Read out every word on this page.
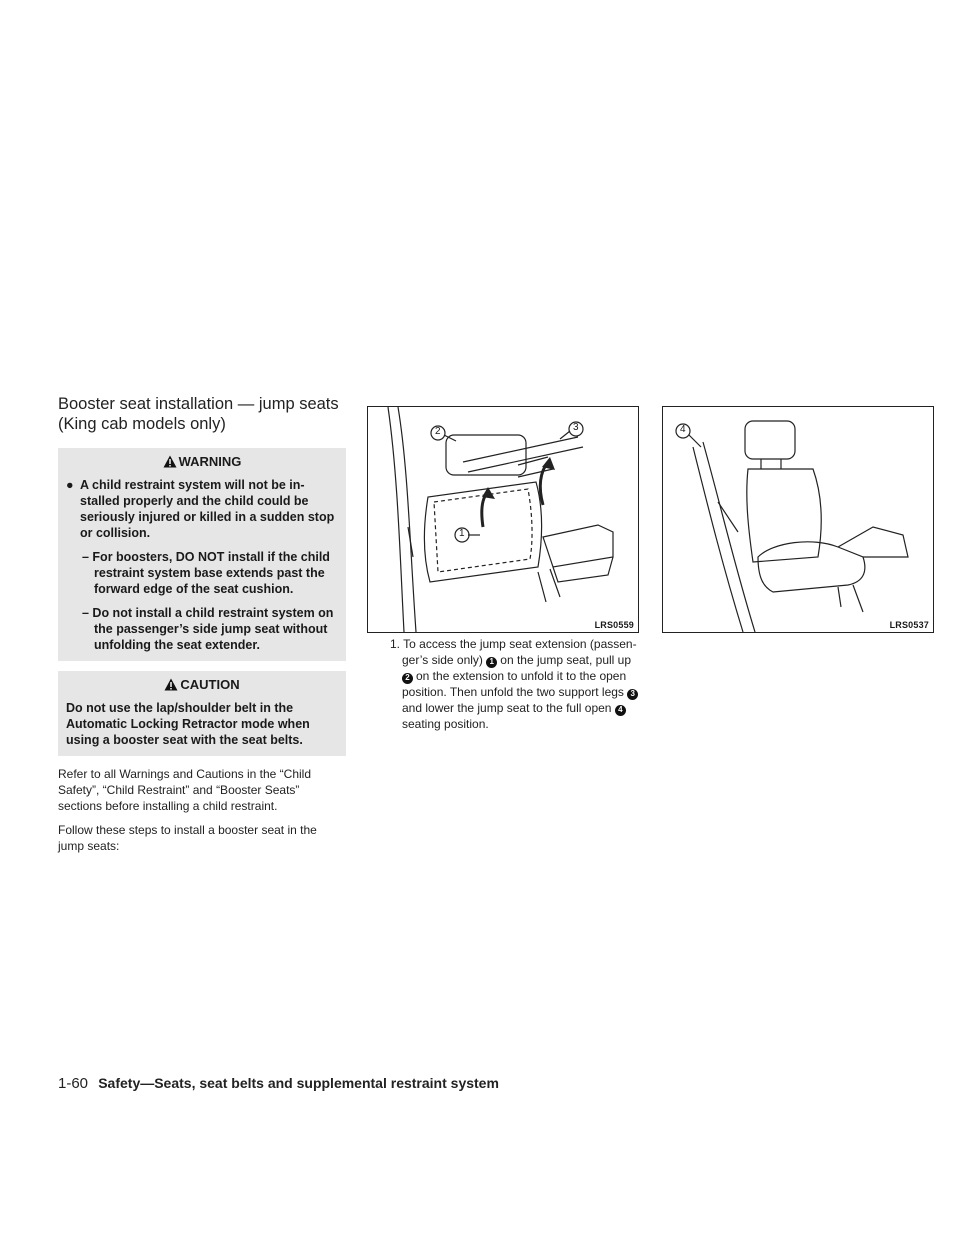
Booster seat installation — jump seats (King cab models only)
WARNING
● A child restraint system will not be in-stalled properly and the child could be seriously injured or killed in a sudden stop or collision.
– For boosters, DO NOT install if the child restraint system base extends past the forward edge of the seat cushion.
– Do not install a child restraint system on the passenger’s side jump seat without unfolding the seat extender.
CAUTION
Do not use the lap/shoulder belt in the Automatic Locking Retractor mode when using a booster seat with the seat belts.

Refer to all Warnings and Cautions in the “Child Safety”, “Child Restraint” and “Booster Seats” sections before installing a child restraint.

Follow these steps to install a booster seat in the jump seats:

1
2	3
LRS0559
4
LRS0537
1. To access the jump seat extension (passen-ger’s side only) 1 on the jump seat, pull up 2 on the extension to unfold it to the open position. Then unfold the two support legs 3and lower the jump seat to the full open 4seating position.
1-60 Safety—Seats, seat belts and supplemental restraint system
